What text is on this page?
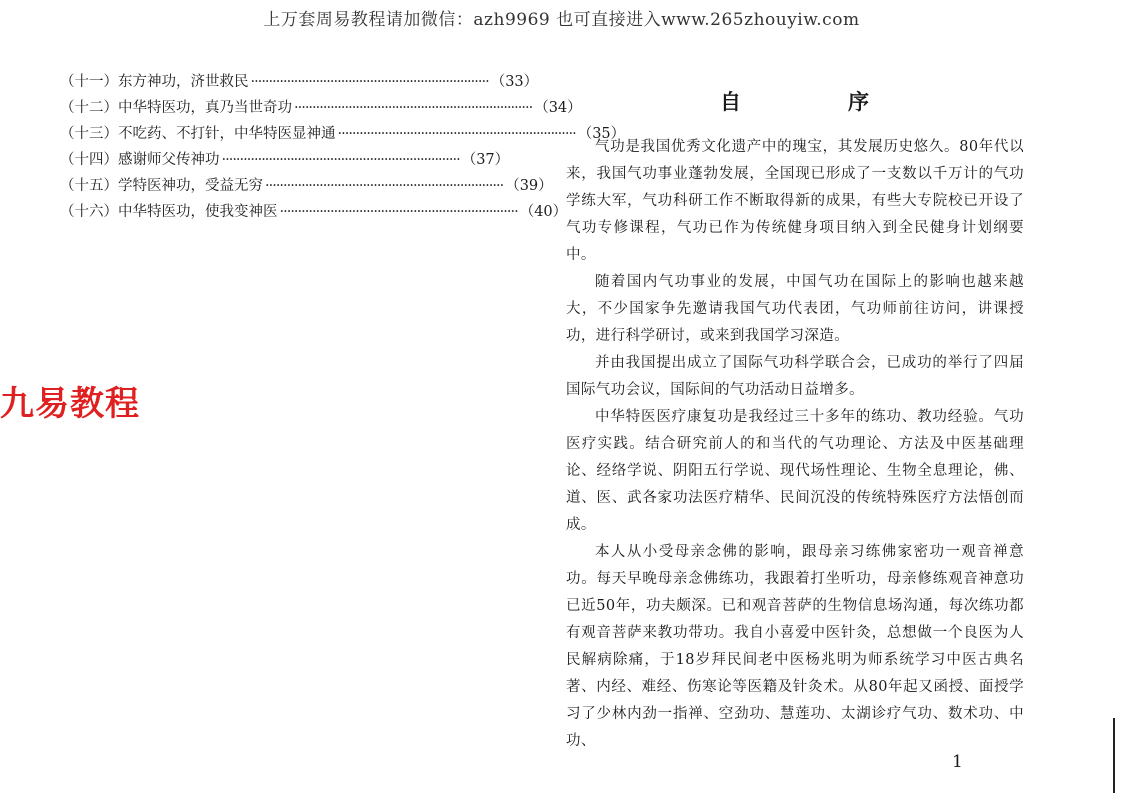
上万套周易教程请加微信：azh9969 也可直接进入www.265zhouyiw.com
九易教程
（十一） 东方神功，济世救民 ·································································· （33）
（十二） 中华特医功，真乃当世奇功 ·································································· （34）
（十三） 不吃药、不打针，中华特医显神通 ·································································· （35）
（十四） 感谢师父传神功 ·································································· （37）
（十五） 学特医神功，受益无穷 ·································································· （39）
（十六） 中华特医功，使我变神医 ·································································· （40）
自	序

气功是我国优秀文化遗产中的瑰宝，其发展历史悠久。80年代以来，我国气功事业蓬勃发展，全国现已形成了一支数以千万计的气功学练大军，气功科研工作不断取得新的成果，有些大专院校已开设了气功专修课程，气功已作为传统健身项目纳入到全民健身计划纲要中。

随着国内气功事业的发展，中国气功在国际上的影响也越来越大，不少国家争先邀请我国气功代表团，气功师前往访问，讲课授功，进行科学研讨，或来到我国学习深造。

并由我国提出成立了国际气功科学联合会，已成功的举行了四届国际气功会议，国际间的气功活动日益增多。

中华特医医疗康复功是我经过三十多年的练功、教功经验。气功医疗实践。结合研究前人的和当代的气功理论、方法及中医基础理论、经络学说、阴阳五行学说、现代场性理论、生物全息理论，佛、道、医、武各家功法医疗精华、民间沉没的传统特殊医疗方法悟创而成。

本人从小受母亲念佛的影响，跟母亲习练佛家密功一观音禅意功。每天早晚母亲念佛练功，我跟着打坐听功，母亲修练观音神意功已近50年，功夫颇深。已和观音菩萨的生物信息场沟通，每次练功都有观音菩萨来教功带功。我自小喜爱中医针灸，总想做一个良医为人民解病除痛，于18岁拜民间老中医杨兆明为师系统学习中医古典名著、内经、难经、伤寒论等医籍及针灸术。从80年起又函授、面授学习了少林内劲一指禅、空劲功、慧莲功、太湖诊疗气功、数术功、中功、

1
